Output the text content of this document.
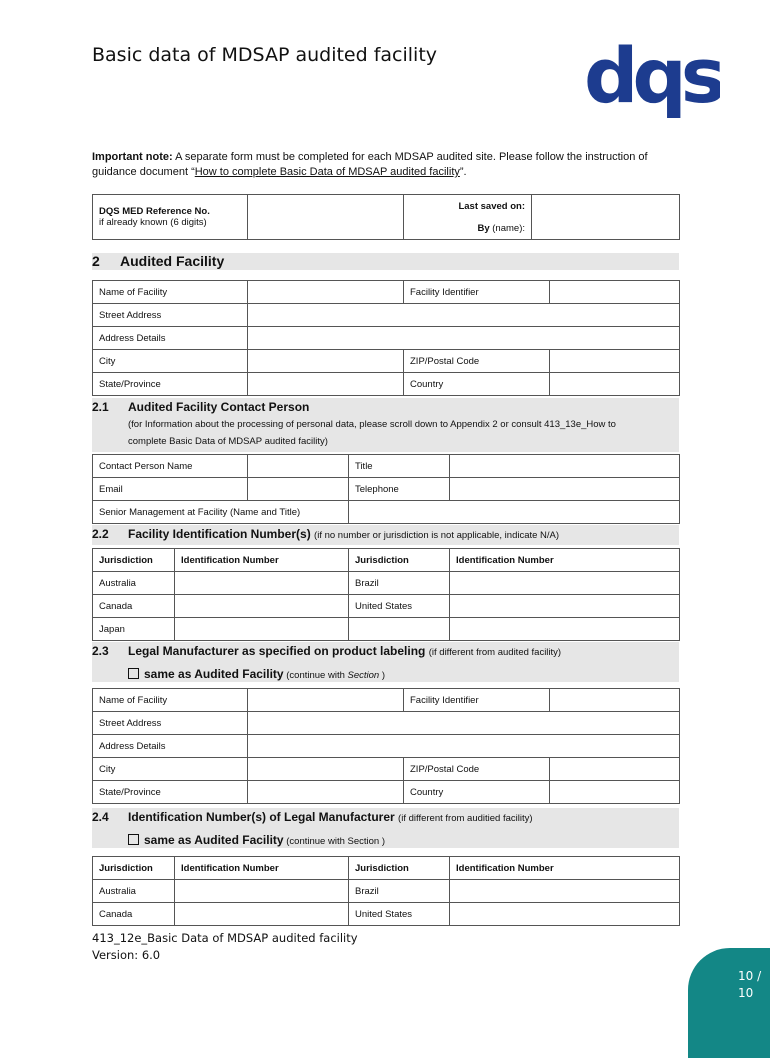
Basic data of MDSAP audited facility dqs
Important note: A separate form must be completed for each MDSAP audited site. Please follow the instruction of guidance document “How to complete Basic Data of MDSAP audited facility”.
DQS MED Reference No.
if already known (6 digits)
		Last saved on:	
By (name):
2 Audited Facility
Name of Facility		Facility Identifier	
Street Address			
Address Details			
City		ZIP/Postal Code	
State/Province		Country	
2.1 Audited Facility Contact Person
(for Information about the processing of personal data, please scroll down to Appendix 2 or consult 413_13e_How to
complete Basic Data of MDSAP audited facility)
Contact Person Name		Title	
Email		Telephone	
Senior Management at Facility (Name and Title)			
2.2 Facility Identification Number(s) (if no number or jurisdiction is not applicable, indicate N/A)
Jurisdiction	Identification Number	Jurisdiction	Identification Number
Australia		Brazil	
Canada		United States	
Japan			
2.3 Legal Manufacturer as specified on product labeling (if different from audited facility)
same as Audited Facility (continue with Section )
Name of Facility		Facility Identifier	
Street Address			
Address Details			
City		ZIP/Postal Code	
State/Province		Country	
2.4 Identification Number(s) of Legal Manufacturer (if different from auditied facility)
same as Audited Facility (continue with Section )
Jurisdiction	Identification Number	Jurisdiction	Identification Number
Australia		Brazil	
Canada		United States	
413_12e_Basic Data of MDSAP audited facility
Version: 6.0
10 /
10
